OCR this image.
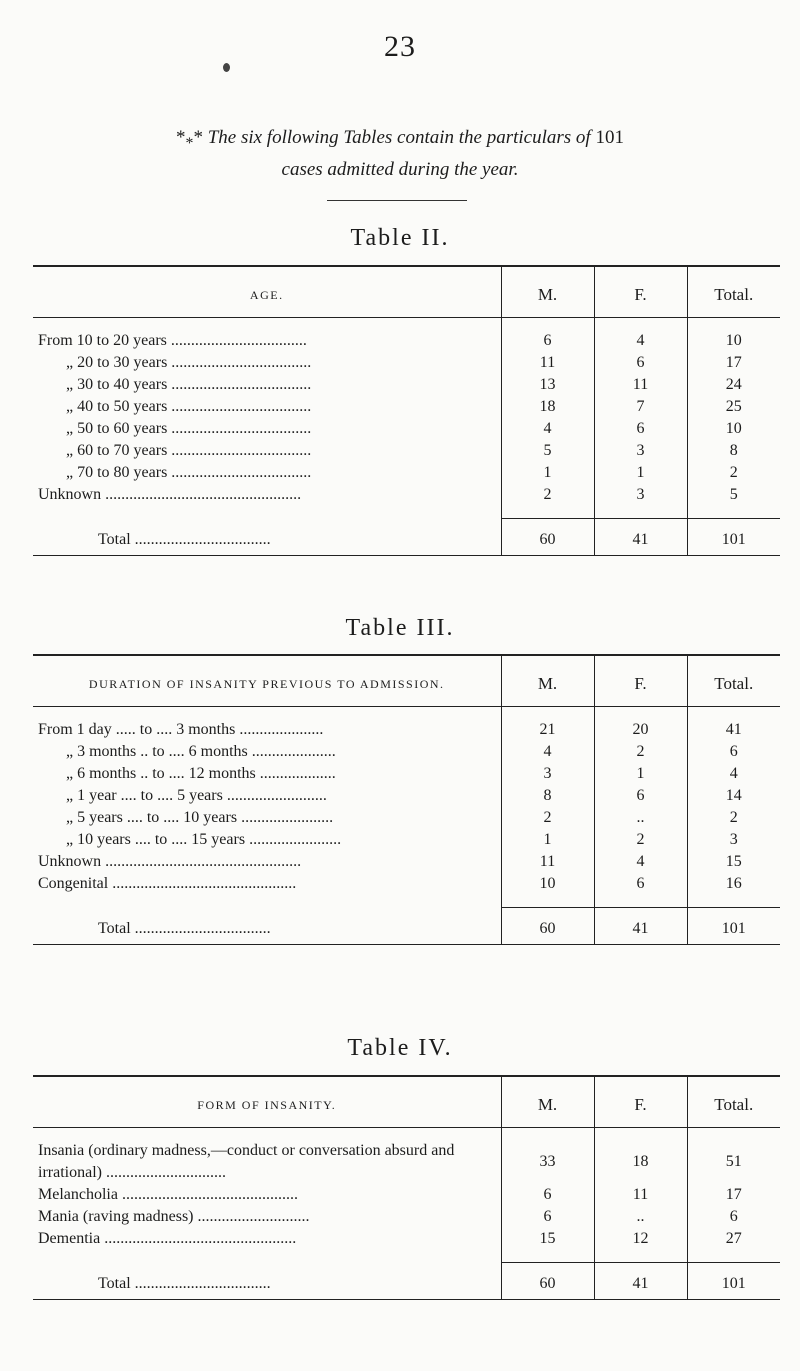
23
$*_**$ The six following Tables contain the particulars of 101
cases admitted during the year.
Table II.
AGE.	M.	F.	Total.
From 10 to 20 years ..................................	6	4	10
„ 20 to 30 years ...................................	11	6	17
„ 30 to 40 years ...................................	13	11	24
„ 40 to 50 years ...................................	18	7	25
„ 50 to 60 years ...................................	4	6	10
„ 60 to 70 years ...................................	5	3	8
„ 70 to 80 years ...................................	1	1	2
Unknown .................................................	2	3	5

Total ..................................	60	41	101
Table III.
DURATION OF INSANITY PREVIOUS TO ADMISSION.	M.	F.	Total.
From 1 day ..... to .... 3 months .....................	21	20	41
„ 3 months .. to .... 6 months .....................	4	2	6
„ 6 months .. to .... 12 months ...................	3	1	4
„ 1 year .... to .... 5 years .........................	8	6	14
„ 5 years .... to .... 10 years .......................	2	..	2
„ 10 years .... to .... 15 years .......................	1	2	3
Unknown .................................................	11	4	15
Congenital ..............................................	10	6	16

Total ..................................	60	41	101
Table IV.
FORM OF INSANITY.	M.	F.	Total.
Insania (ordinary madness,—conduct or conversation absurd and irrational) ..............................	33	18	51
Melancholia ............................................	6	11	17
Mania (raving madness) ............................	6	..	6
Dementia ................................................	15	12	27

Total ..................................	60	41	101
